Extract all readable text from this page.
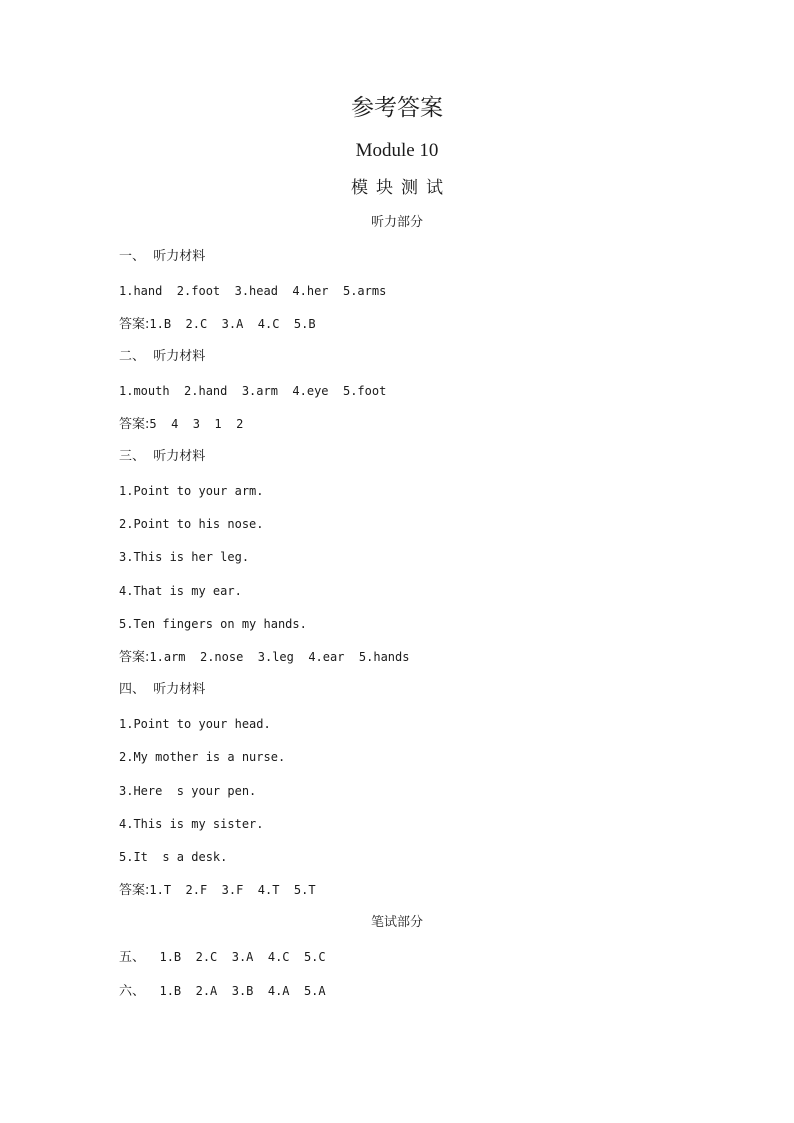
参考答案
Module 10
模块测试
听力部分
一、  听力材料
1.hand  2.foot  3.head  4.her  5.arms
答案:1.B  2.C  3.A  4.C  5.B
二、  听力材料
1.mouth  2.hand  3.arm  4.eye  5.foot
答案:5  4  3  1  2
三、  听力材料
1.Point to your arm.
2.Point to his nose.
3.This is her leg.
4.That is my ear.
5.Ten fingers on my hands.
答案:1.arm  2.nose  3.leg  4.ear  5.hands
四、  听力材料
1.Point to your head.
2.My mother is a nurse.
3.Here  s your pen.
4.This is my sister.
5.It  s a desk.
答案:1.T  2.F  3.F  4.T  5.T
笔试部分
五、 1.B  2.C  3.A  4.C  5.C
六、 1.B  2.A  3.B  4.A  5.A
